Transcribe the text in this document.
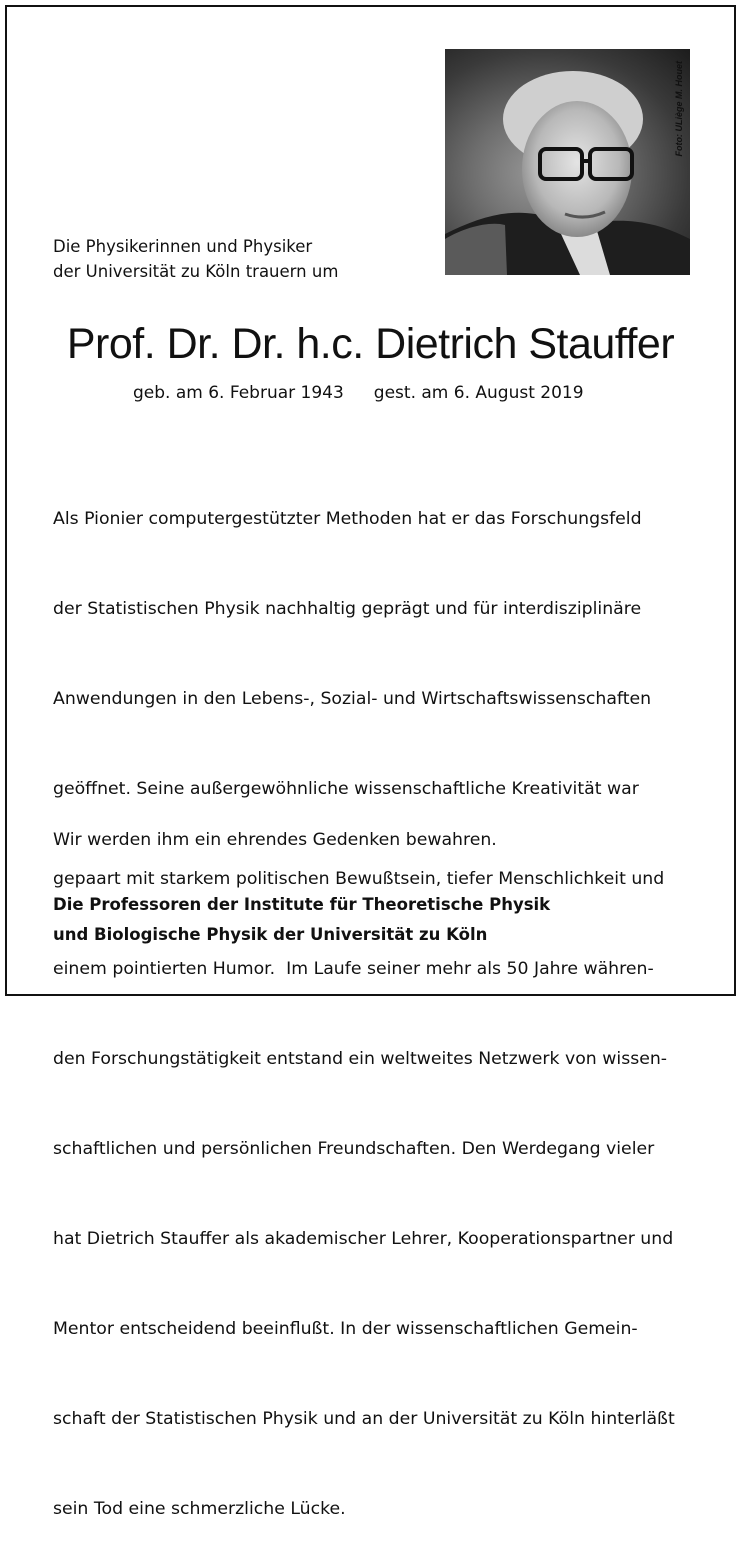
Foto: ULiège M. Houet
Die Physikerinnen und Physiker
der Universität zu Köln trauern um
Prof. Dr. Dr. h.c. Dietrich Stauffer
geb. am 6. Februar 1943 gest. am 6. August 2019

Als Pionier computergestützter Methoden hat er das Forschungsfeld

der Statistischen Physik nachhaltig geprägt und für interdisziplinäre

Anwendungen in den Lebens-, Sozial- und Wirtschaftswissenschaften

geöffnet. Seine außergewöhnliche wissenschaftliche Kreativität war

gepaart mit starkem politischen Bewußtsein, tiefer Menschlichkeit und

einem pointierten Humor.  Im Laufe seiner mehr als 50 Jahre währen-

den Forschungstätigkeit entstand ein weltweites Netzwerk von wissen-

schaftlichen und persönlichen Freundschaften. Den Werdegang vieler

hat Dietrich Stauffer als akademischer Lehrer, Kooperationspartner und

Mentor entscheidend beeinflußt. In der wissenschaftlichen Gemein-

schaft der Statistischen Physik und an der Universität zu Köln hinterläßt

sein Tod eine schmerzliche Lücke.

Wir werden ihm ein ehrendes Gedenken bewahren.
Die Professoren der Institute für Theoretische Physik
und Biologische Physik der Universität zu Köln
